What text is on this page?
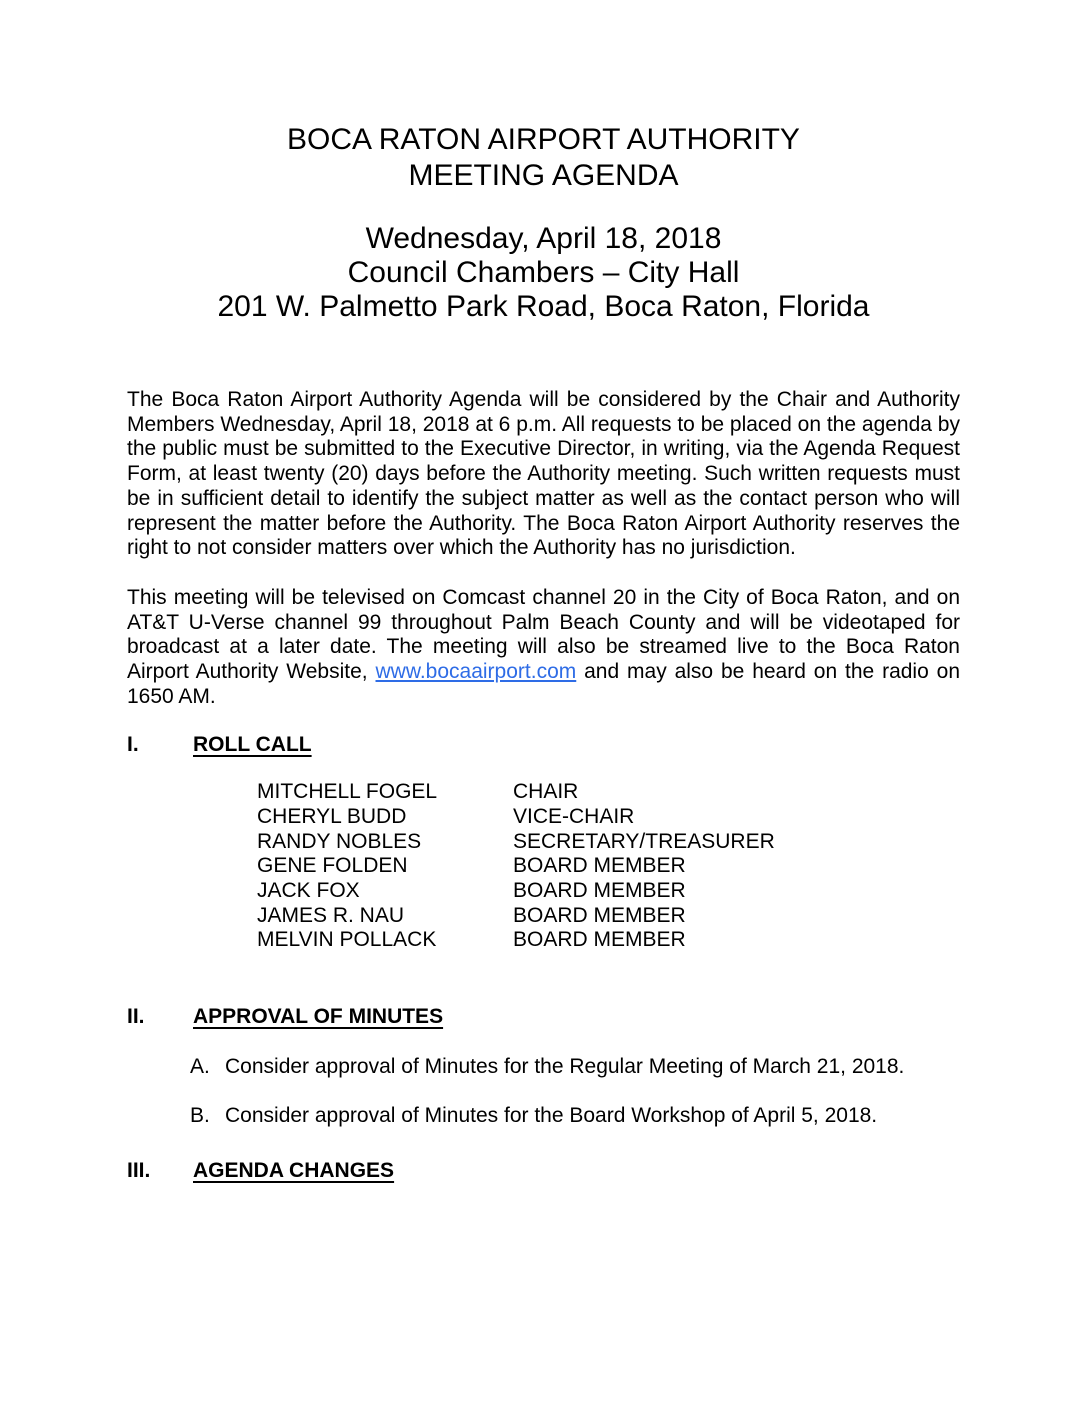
BOCA RATON AIRPORT AUTHORITY
MEETING AGENDA
Wednesday, April 18, 2018
Council Chambers – City Hall
201 W. Palmetto Park Road, Boca Raton, Florida

The Boca Raton Airport Authority Agenda will be considered by the Chair and Authority Members Wednesday, April 18, 2018 at 6 p.m. All requests to be placed on the agenda by the public must be submitted to the Executive Director, in writing, via the Agenda Request Form, at least twenty (20) days before the Authority meeting. Such written requests must be in sufficient detail to identify the subject matter as well as the contact person who will represent the matter before the Authority. The Boca Raton Airport Authority reserves the right to not consider matters over which the Authority has no jurisdiction.

This meeting will be televised on Comcast channel 20 in the City of Boca Raton, and on AT&T U-Verse channel 99 throughout Palm Beach County and will be videotaped for broadcast at a later date. The meeting will also be streamed live to the Boca Raton Airport Authority Website, www.bocaairport.com and may also be heard on the radio on 1650 AM.

I.	ROLL CALL
MITCHELL FOGEL	CHAIR
CHERYL BUDD	VICE-CHAIR
RANDY NOBLES	SECRETARY/TREASURER
GENE FOLDEN	BOARD MEMBER
JACK FOX	BOARD MEMBER
JAMES R. NAU	BOARD MEMBER
MELVIN POLLACK	BOARD MEMBER
II.	APPROVAL OF MINUTES
A. Consider approval of Minutes for the Regular Meeting of March 21, 2018.
B. Consider approval of Minutes for the Board Workshop of April 5, 2018.
III.	AGENDA CHANGES
